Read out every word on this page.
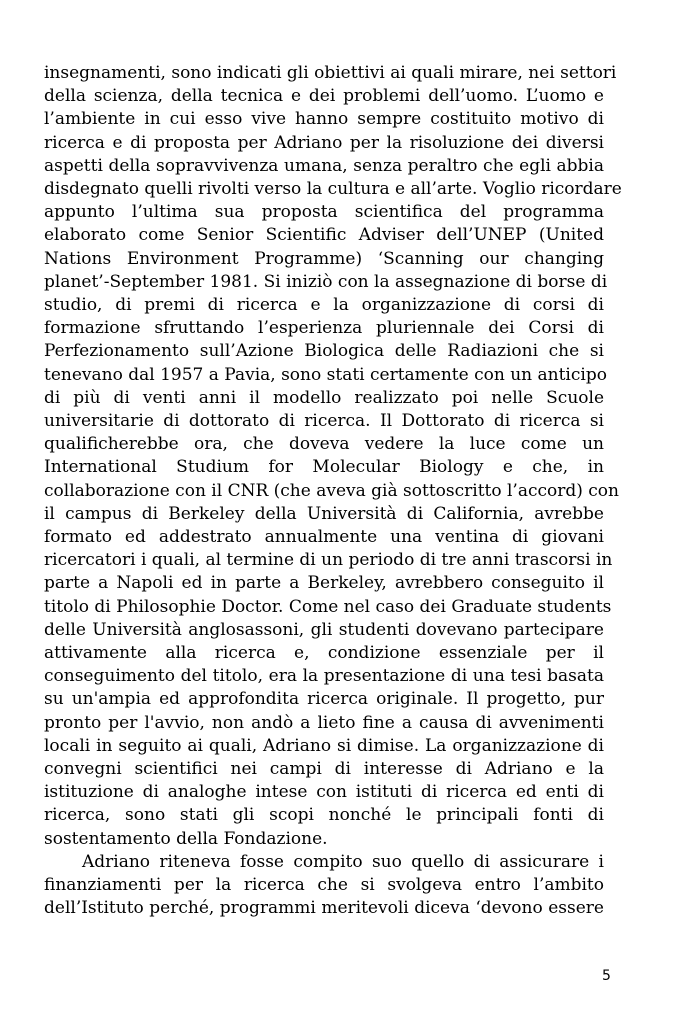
insegnamenti, sono indicati gli obiettivi ai quali mirare, nei settori

della scienza, della tecnica e dei problemi dell’uomo. L’uomo e

l’ambiente in cui esso vive hanno sempre costituito motivo di

ricerca e di proposta per Adriano per la risoluzione dei diversi

aspetti della sopravvivenza umana, senza peraltro che egli abbia

disdegnato quelli rivolti verso la cultura e all’arte. Voglio ricordare

appunto l’ultima sua proposta scientifica del programma

elaborato come Senior Scientific Adviser dell’UNEP (United

Nations Environment Programme) ‘Scanning our changing

planet’-September 1981. Si iniziò con la assegnazione di borse di

studio, di premi di ricerca e la organizzazione di corsi di

formazione sfruttando l’esperienza pluriennale dei Corsi di

Perfezionamento sull’Azione Biologica delle Radiazioni che si

tenevano dal 1957 a Pavia, sono stati certamente con un anticipo

di più di venti anni il modello realizzato poi nelle Scuole

universitarie di dottorato di ricerca. Il Dottorato di ricerca si

qualificherebbe ora, che doveva vedere la luce come un

International Studium for Molecular Biology e che, in

collaborazione con il CNR (che aveva già sottoscritto l’accord) con

il campus di Berkeley della Università di California, avrebbe

formato ed addestrato annualmente una ventina di giovani

ricercatori i quali, al termine di un periodo di tre anni trascorsi in

parte a Napoli ed in parte a Berkeley, avrebbero conseguito il

titolo di Philosophie Doctor. Come nel caso dei Graduate students

delle Università anglosassoni, gli studenti dovevano partecipare

attivamente alla ricerca e, condizione essenziale per il

conseguimento del titolo, era la presentazione di una tesi basata

su un'ampia ed approfondita ricerca originale. Il progetto, pur

pronto per l'avvio, non andò a lieto fine a causa di avvenimenti

locali in seguito ai quali, Adriano si dimise. La organizzazione di

convegni scientifici nei campi di interesse di Adriano e la

istituzione di analoghe intese con istituti di ricerca ed enti di

ricerca, sono stati gli scopi nonché le principali fonti di

sostentamento della Fondazione.

Adriano riteneva fosse compito suo quello di assicurare i

finanziamenti per la ricerca che si svolgeva entro l’ambito

dell’Istituto perché, programmi meritevoli diceva ‘devono essere

5
